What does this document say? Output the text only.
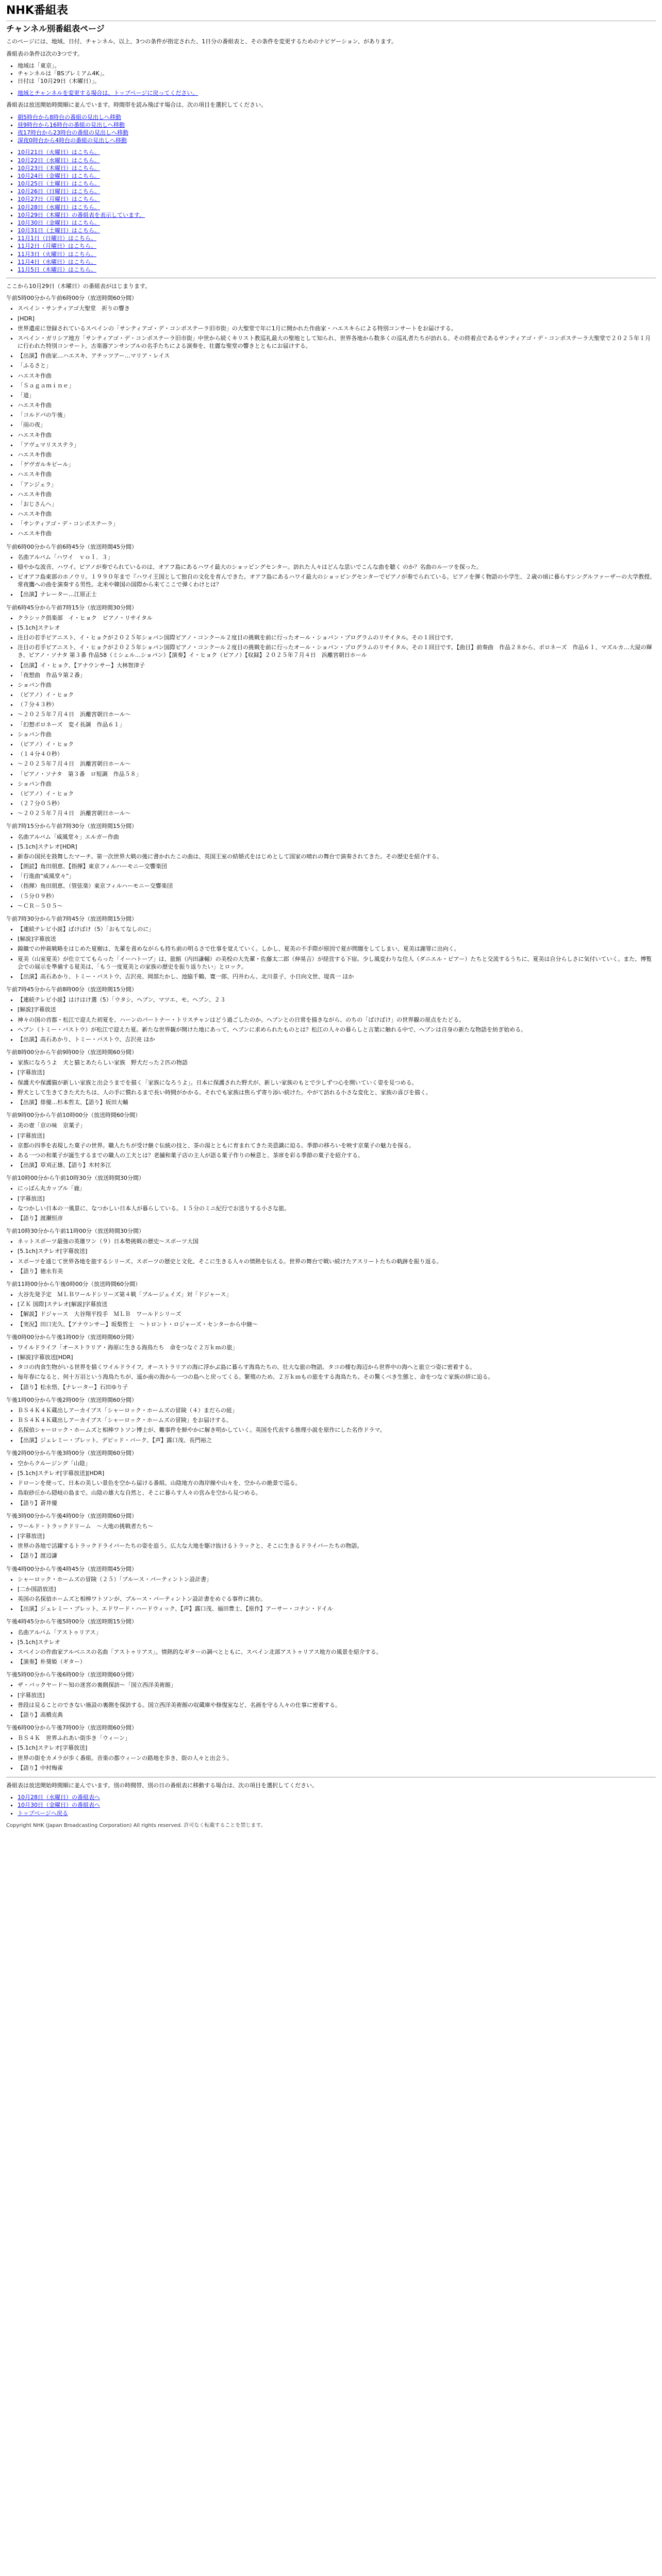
NHK番組表
チャンネル別番組表ページ

このページには、地域、日付、チャンネル、以上、3つの条件が指定された、1日分の番組表と、その条件を変更するためのナビゲーション、があります。

番組表の条件は次の3つです。

• 地域は「東京」。
• チャンネルは「BSプレミアム4K」。
• 日付は「10月29日（木曜日）」。
• 地域とチャンネルを変更する場合は、トップページに戻ってください。

番組表は放送開始時間順に並んでいます。時間帯を読み飛ばす場合は、次の項目を選択してください。

• 朝5時台から8時台の番組の見出しへ移動
• 昼9時台から16時台の番組の見出しへ移動
• 夜17時台から23時台の番組の見出しへ移動
• 深夜0時台から4時台の番組の見出しへ移動
• 10月21日（火曜日）はこちら。
• 10月22日（水曜日）はこちら。
• 10月23日（木曜日）はこちら。
• 10月24日（金曜日）はこちら。
• 10月25日（土曜日）はこちら。
• 10月26日（日曜日）はこちら。
• 10月27日（月曜日）はこちら。
• 10月28日（水曜日）はこちら。
• 10月29日（木曜日）の番組表を表示しています。
• 10月30日（金曜日）はこちら。
• 10月31日（土曜日）はこちら。
• 11月1日（日曜日）はこちら。
• 11月2日（月曜日）はこちら。
• 11月3日（火曜日）はこちら。
• 11月4日（水曜日）はこちら。
• 11月5日（木曜日）はこちら。

ここから10月29日（木曜日）の番組表がはじまります。

午前5時00分から午前6時00分（放送時間60分間）
• スペイン・サンティアゴ大聖堂　祈りの響き
• [HDR]
• 世界遺産に登録されているスペインの「サンティアゴ・デ・コンポステーラ旧市街」の大聖堂で年に1月に開かれた作曲家・ハエスキらによる特別コンサートをお届けする。
• スペイン・ガリシア地方「サンティアゴ・デ・コンポステーラ旧市街」中世から続くキリスト教巡礼最大の聖地として知られ、世界各地から数多くの巡礼者たちが訪れる。その終着点であるサンティアゴ・デ・コンポステーラ大聖堂で２０２５年１月に行われた特別コンサート。古楽器アンサンブルの名手たちによる演奏を、壮麗な聖堂の響きとともにお届けする。
• 【出演】作曲家…ハエスキ、アチッツアー…マリア・レイス
• 「ふるさと」
• ハエスキ作曲
• 「Ｓａｇａｍｉｎｅ」
• 「道」
• ハエスキ作曲
• 「コルドバの午後」
• 「雨の夜」
• ハエスキ作曲
• 「アヴェマリスステラ」
• ハエスキ作曲
• 「ゲヴガルキビール」
• ハエスキ作曲
• 「アンジェラ」
• ハエスキ作曲
• 「おじさんへ」
• ハエスキ作曲
• 「サンティアゴ・デ・コンポステーラ」
• ハエスキ作曲
午前6時00分から午前6時45分（放送時間45分間）
• 名曲アルバム「ハワイ　ｖｏｌ．３」
• 穏やかな波音、ハワイ。ビアノが奏でられているのは、オアフ島にあるハワイ最大のショッピングセンター。訪れた人々はどんな思いでこんな曲を聴く のか？名曲のルーツを探った。
• ビオアフ島東部のホノウリ。１９９０年まで『ハワイ王国として独自の文化を育んできた。オアフ島にあるハワイ最大のショッピングセンターでピアノが奏でられている。ビアノを弾く物語の小学生、２歳の頃に暮らすシングルファーザーの大学教授。常夜鷹への曲を演奏する男性。北米や韓国の国際から来てここで弾くわけとは？
• 【出演】ナレーター…江原正士
午前6時45分から午前7時15分（放送時間30分間）
• クラシック倶楽部　イ・ヒョク　ピアノ・リサイタル
• [5.1ch]ステレオ
• 注目の若手ピアニスト、イ・ヒョクが２０２５年ショパン国際ピアノ・コンクール２度目の挑戦を前に行ったオール・ショパン・プログラムのリサイタル。その１回目です。
• 注目の若手ピアニスト、イ・ヒョクが２０２５年ショパン国際ピアノ・コンクール２度目の挑戦を前に行ったオール・ショパン・プログラムのリサイタル。その１回目です。【曲目】前奏曲　作品２８から、ポロネーズ　作品６１、マズルカ…大屋の輝き、ピアノ・ソナタ 第３番 作品58（ミシェル…ショパン）【演奏】イ・ヒョク（ピアノ）【収録】２０２５年７月４日　浜離宮朝日ホール
• 【出演】イ・ヒョク、【アナウンサー】大林智津子
• 「夜想曲　作品９第２番」
• ショパン作曲
• （ピアノ）イ・ヒョク
• （７分４３秒）
• ～２０２５年７月４日　浜離宮朝日ホール～
• 「幻想ポロネーズ　変イ長調　作品６１」
• ショパン作曲
• （ピアノ）イ・ヒョク
• （１４分４０秒）
• ～２０２５年７月４日　浜離宮朝日ホール～
• 「ピアノ・ソナタ　第３番　ロ短調　作品５８」
• ショパン作曲
• （ピアノ）イ・ヒョク
• （２７分０５秒）
• ～２０２５年７月４日　浜離宮朝日ホール～
午前7時15分から午前7時30分（放送時間15分間）
• 名曲アルバム「威風堂々」エルガー作曲
• [5.1ch]ステレオ[HDR]
• 新春の国民を鼓舞したマーチ。第一次世界大戦の後に書かれたこの曲は、英国王室の結婚式をはじめとして国家の晴れの舞台で演奏されてきた。その歴史を紹介する。
• 【朗読】角田朋恵、【指揮】東京フィルハーモニー交響楽団
• 「行進曲“威風堂々”」
• （指揮）角田朋恵、（管弦楽）東京フィルハーモニー交響楽団
• （５分０９秒）
• ～ＣＲ－５０５～
午前7時30分から午前7時45分（放送時間15分間）
• 【連続テレビ小説】ばけばけ（5）「おもてなしのに」
• [解説]字幕放送
• 錦織での仲裁戦略をはじめた夏樹は、先輩を責めながらも持ち前の明るさで仕事を覚えていく。しかし、夏美の不手際が原因で夏が問題をしてしまい、夏美は謝罪に出向く。
• 夏美（山室夏美）が仕立ててもらった「イーハトーブ」は、旅館（内田謙輔）の美校の大先輩・佐藤太二郎（伸晃吉）が経営する下宿。少し風変わりな住人（ダニエル・ピアー）たちと交流するうちに、夏美は自分らしさに気付いていく。また、博覧会での展示を準備する夏美は、「もう一度夏美との家族の歴史を振り返りたい」とロック。
• 【出演】高石あかり、トミー・バストウ、吉沢亮、岡部たかし、池脇千鶴、寛一郎、円井わん、北川景子、小日向文世、堤真一 ほか
午前7時45分から午前8時00分（放送時間15分間）
• 【連続テレビ小説】はけはけ選（5）「ウタシ、ヘブン、マツエ、モ、ヘブン、２３
• [解説]字幕放送
• 神々の国の首都・松江で迎えた初夏を、ハーンのパートナー・トリスチャンはどう過ごしたのか。ヘブンとの日常を描きながら、のちの「ばけばけ」の世界観の原点をたどる。
• ヘブン（トミー・バストウ）が松江で迎えた夏。新たな世界観が開けた地にあって、ヘブンに求められたものとは？松江の人々の暮らしと言葉に触れる中で、ヘブンは自身の新たな物語を紡ぎ始める。
• 【出演】高石あかり、トミー・バストウ、吉沢亮 ほか
午前8時00分から午前9時00分（放送時間60分間）
• 家族になろうよ　犬と猫とあたらしい家族　野犬だった２匹の物語
• [字幕放送]
• 保護犬や保護猫が新しい家族と出会うまでを描く「家族になろうよ」。日本に保護された野犬が、新しい家族のもとで少しずつ心を開いていく姿を見つめる。
• 野犬として生きてきた犬たちは、人の手に慣れるまで長い時間がかかる。それでも家族は焦らず寄り添い続けた。やがて訪れる小さな変化と、家族の喜びを描く。
• 【出演】俳優…杉本哲太、【語り】坂田大輔
午前9時00分から午前10時00分（放送時間60分間）
• 美の壺「京の味　京菓子」
• [字幕放送]
• 京都の四季を表現した菓子の世界。職人たちが受け継ぐ伝統の技と、茶の湯とともに育まれてきた美意識に迫る。季節の移ろいを映す京菓子の魅力を探る。
• ある一つの和菓子が誕生するまでの職人の工夫とは？老舗和菓子店の主人が語る菓子作りの極意と、茶席を彩る季節の菓子を紹介する。
• 【出演】草刈正雄、【語り】木村多江
午前10時00分から午前10時30分（放送時間30分間）
• にっぽん丸カップル「鹿」
• [字幕放送]
• なつかしい日本の一風景に、なつかしい日本人が暮らしている。１５分のミニ紀行でお送りする小さな旅。
• 【語り】渡瀬恒彦
午前10時30分から午前11時00分（放送時間30分間）
• ネットスポーツ最強の英雄ワン（９）日本勢挑戦の歴史～スポーツ大国
• [5.1ch]ステレオ[字幕放送]
• スポーツを通じて世界各地を旅するシリーズ。スポーツの歴史と文化、そこに生きる人々の情熱を伝える。世界の舞台で戦い続けたアスリートたちの軌跡を振り返る。
• 【語り】徳永有美
午前11時00分から午後0時00分（放送時間60分間）
• 大谷先発予定　ＭＬＢワールドシリーズ第４戦「ブルージェイズ」対「ドジャース」
• [ＺＫ 国際]ステレオ[解説]字幕放送
• 【解説】ドジャース　大谷翔平投手　ＭＬＢ　ワールドシリーズ
• 【実況】田口光久、【アナウンサー】坂梨哲士　～トロント・ロジャーズ・センターから中継～
午後0時00分から午後1時00分（放送時間60分間）
• ワイルドライフ「オーストラリア・海原に生きる海鳥たち　命をつなぐ２万ｋｍの旅」
• [解説]字幕放送[HDR]
• タコの肉食生物がいる世界を描くワイルドライフ。オーストラリアの海に浮かぶ島に暮らす海鳥たちの、壮大な旅の物語。タコの棲む海辺から世界中の海へと旅立つ姿に密着する。
• 毎年春になると、何十万羽という海鳥たちが、遥か南の海から一つの島へと戻ってくる。繁殖のため、２万ｋｍもの旅をする海鳥たち。その驚くべき生態と、命をつなぐ家族の絆に迫る。
• 【語り】松永悟、【ナレーター】石田ゆり子
午後1時00分から午後2時00分（放送時間60分間）
• ＢＳ４Ｋ４Ｋ蔵出しアーカイブス「シャーロック・ホームズの冒険（４）まだらの紐」
• ＢＳ４Ｋ４Ｋ蔵出しアーカイブス「シャーロック・ホームズの冒険」をお届けする。
• 名探偵シャーロック・ホームズと相棒ワトソン博士が、難事件を鮮やかに解き明かしていく。英国を代表する推理小説を原作にした名作ドラマ。
• 【出演】ジェレミー・ブレット、デビッド・バーク、【声】露口茂、長門裕之
午後2時00分から午後3時00分（放送時間60分間）
• 空からクルージング「山陰」
• [5.1ch]ステレオ[字幕放送][HDR]
• ドローンを使って、日本の美しい景色を空から届ける番組。山陰地方の海岸線や山々を、空からの絶景で巡る。
• 鳥取砂丘から隠岐の島まで。山陰の雄大な自然と、そこに暮らす人々の営みを空から見つめる。
• 【語り】蒼井優
午後3時00分から午後4時00分（放送時間60分間）
• ワールド・トラックドリーム　～大地の挑戦者たち～
• [字幕放送]
• 世界の各地で活躍するトラックドライバーたちの姿を追う。広大な大地を駆け抜けるトラックと、そこに生きるドライバーたちの物語。
• 【語り】渡辺謙
午後4時00分から午後4時45分（放送時間45分間）
• シャーロック・ホームズの冒険（２５）「ブルース・パーティントン設計書」
• [二か国語放送]
• 英国の名探偵ホームズと相棒ワトソンが、ブルース・パーティントン設計書をめぐる事件に挑む。
• 【出演】ジェレミー・ブレット、エドワード・ハードウィック、【声】露口茂、福田豊士、【原作】アーサー・コナン・ドイル
午後4時45分から午後5時00分（放送時間15分間）
• 名曲アルバム「アストゥリアス」
• [5.1ch]ステレオ
• スペインの作曲家アルベニスの名曲「アストゥリアス」。情熱的なギターの調べとともに、スペイン北部アストゥリアス地方の風景を紹介する。
• 【演奏】朴葵姫（ギター）
午後5時00分から午後6時00分（放送時間60分間）
• ザ・バックヤード～知の迷宮の裏側探訪～「国立西洋美術館」
• [字幕放送]
• 普段は見ることのできない施設の裏側を探訪する。国立西洋美術館の収蔵庫や修復室など、名画を守る人々の仕事に密着する。
• 【語り】高橋克典
午後6時00分から午後7時00分（放送時間60分間）
• ＢＳ４Ｋ　世界ふれあい街歩き「ウィーン」
• [5.1ch]ステレオ[字幕放送]
• 世界の街をカメラが歩く番組。音楽の都ウィーンの路地を歩き、街の人々と出会う。
• 【語り】中村梅雀

番組表は放送開始時間順に並んでいます。別の時間帯、別の日の番組表に移動する場合は、次の項目を選択してください。

• 10月28日（水曜日）の番組表へ
• 10月30日（金曜日）の番組表へ
• トップページへ戻る
Copyright NHK (Japan Broadcasting Corporation) All rights reserved. 許可なく転載することを禁じます。
